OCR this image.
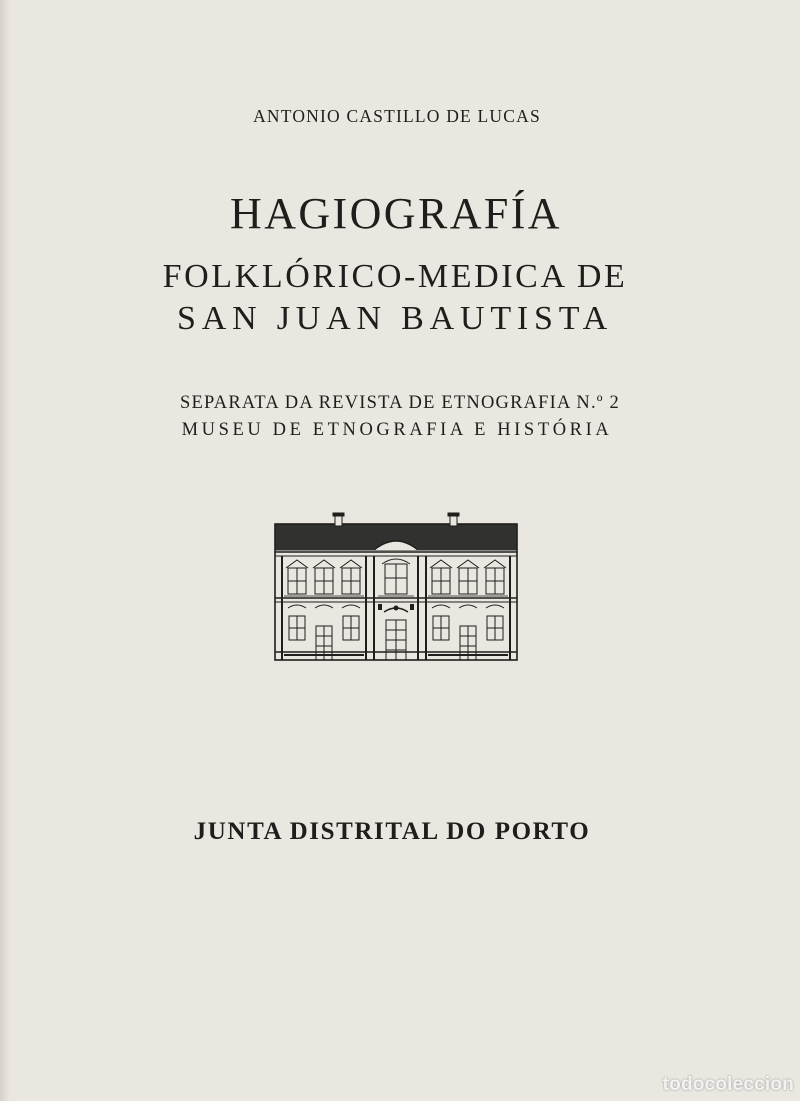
ANTONIO CASTILLO DE LUCAS
HAGIOGRAFÍA
FOLKLÓRICO-MEDICA DE
SAN JUAN BAUTISTA
SEPARATA DA REVISTA DE ETNOGRAFIA N.º 2
MUSEU DE ETNOGRAFIA E HISTÓRIA
JUNTA DISTRITAL DO PORTO
todocoleccion
